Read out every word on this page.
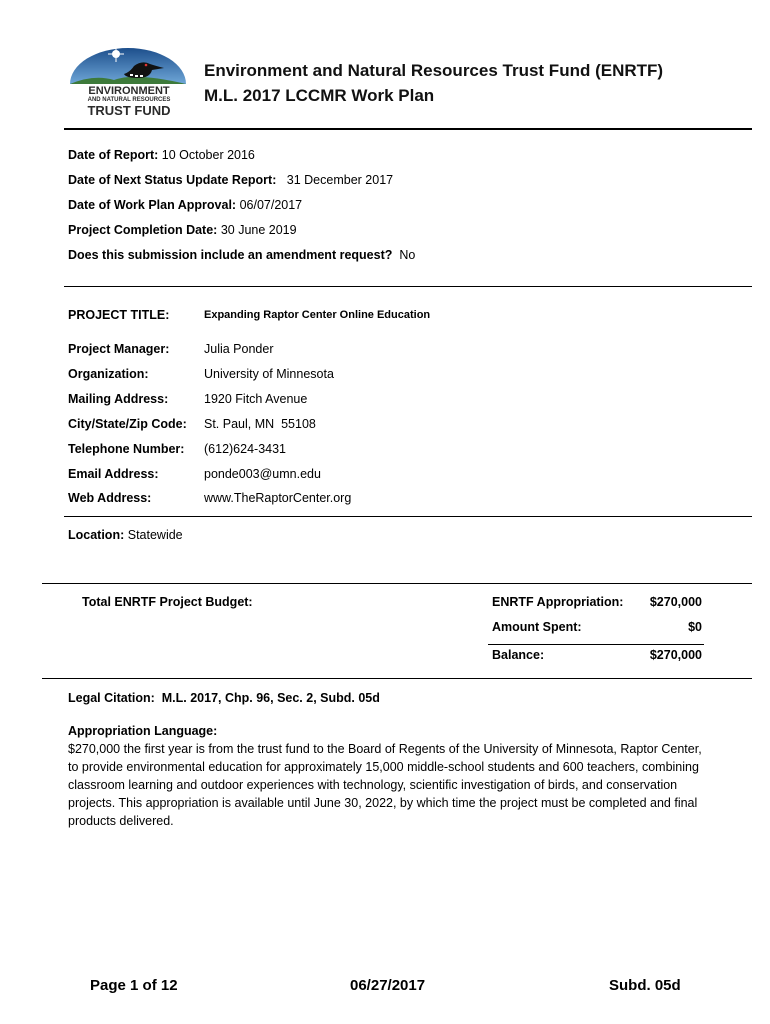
ENVIRONMENT
AND NATURAL RESOURCES
TRUST FUND
Environment and Natural Resources Trust Fund (ENRTF)
M.L. 2017 LCCMR Work Plan
Date of Report: 10 October 2016
Date of Next Status Update Report: 31 December 2017
Date of Work Plan Approval: 06/07/2017
Project Completion Date: 30 June 2019
Does this submission include an amendment request? No
PROJECT TITLE:	Expanding Raptor Center Online Education
Project Manager:	Julia Ponder
Organization:	University of Minnesota
Mailing Address:	1920 Fitch Avenue
City/State/Zip Code: St. Paul, MN  55108
Telephone Number: (612)624-3431
Email Address:	ponde003@umn.edu
Web Address:	www.TheRaptorCenter.org
Location: Statewide
Total ENRTF Project Budget:	ENRTF Appropriation:	$270,000
Amount Spent:	$0
Balance:	$270,000
Legal Citation:  M.L. 2017, Chp. 96, Sec. 2, Subd. 05d
Appropriation Language:
$270,000 the first year is from the trust fund to the Board of Regents of the University of Minnesota, Raptor Center, to provide environmental education for approximately 15,000 middle-school students and 600 teachers, combining classroom learning and outdoor experiences with technology, scientific investigation of birds, and conservation projects. This appropriation is available until June 30, 2022, by which time the project must be completed and final products delivered.
Page 1 of 12	06/27/2017	Subd. 05d
